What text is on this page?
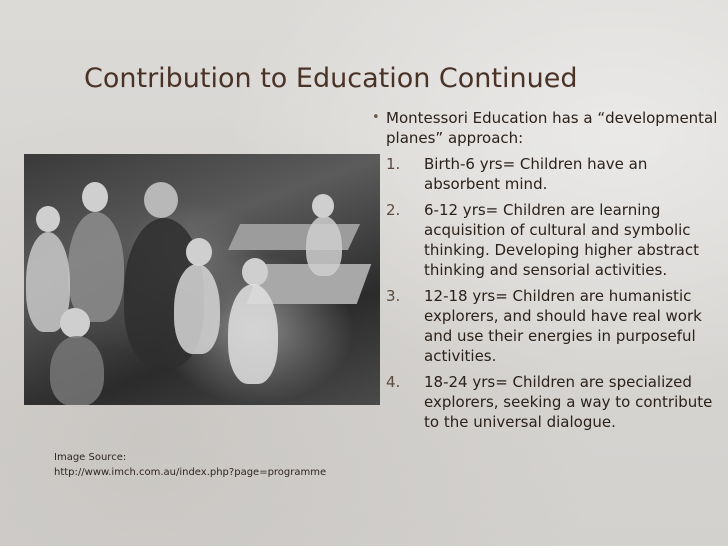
Contribution to Education Continued
Image Source:
http://www.imch.com.au/index.php?page=programme

• Montessori Education has a “developmental planes” approach:

1. Birth-6 yrs= Children have an absorbent mind.
2. 6-12 yrs= Children are learning acquisition of cultural and symbolic thinking. Developing higher abstract thinking and sensorial activities.
3. 12-18 yrs= Children are humanistic explorers, and should have real work and use their energies in purposeful activities.
4. 18-24 yrs= Children are specialized explorers, seeking a way to contribute to the universal dialogue.
